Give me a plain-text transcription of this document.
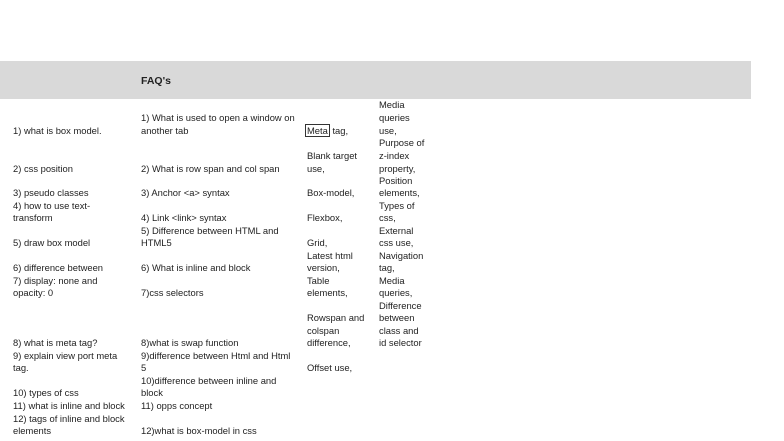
FAQ's
1) what is box model.
2) css position
3) pseudo classes
4) how to use text-
transform
5) draw box model
6) difference between
7) display: none and
opacity: 0
8) what is meta tag?
9) explain view port meta
tag.
10) types of css
11) what is inline and block
12) tags of inline and block
elements
1) What is used to open a window on
another tab
2) What is row span and col span
3) Anchor <a> syntax
4) Link <link> syntax
5) Difference between HTML and
HTML5
6) What is inline and block
7)css selectors
8)what is swap function
9)difference between Html and Html
5
10)difference between inline and
block
11) opps concept
12)what is box-model in css
Meta tag,
Blank target
use,
Box-model,
Flexbox,
Grid,
Latest html
version,
Table
elements,
Rowspan and
colspan
difference,
Offset use,
Media
queries
use,
Purpose of
z-index
property,
Position
elements,
Types of
css,
External
css use,
Navigation
tag,
Media
queries,
Difference
between
class and
id selector
